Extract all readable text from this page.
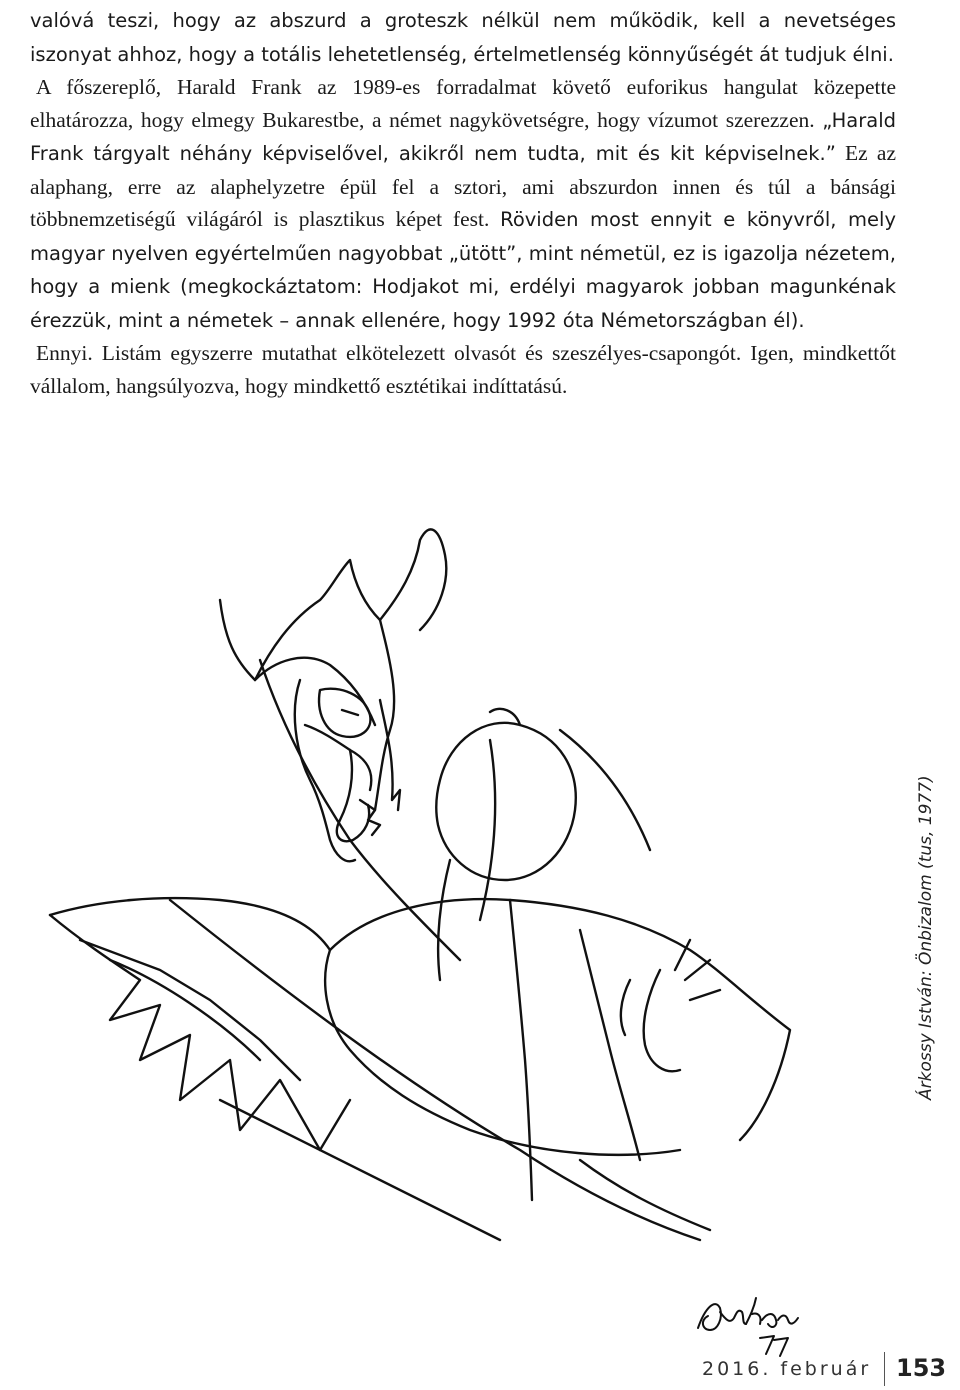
valóvá teszi, hogy az abszurd a groteszk nélkül nem működik, kell a nevetséges iszonyat ahhoz, hogy a totális lehetetlenség, értelmetlenség könnyűségét át tudjuk élni.

A főszereplő, Harald Frank az 1989-es forradalmat követő euforikus hangulat közepette elhatározza, hogy elmegy Bukarestbe, a német nagykövetségre, hogy vízumot szerezzen. „Harald Frank tárgyalt néhány képviselővel, akikről nem tudta, mit és kit képviselnek.” Ez az alaphang, erre az alaphelyzetre épül fel a sztori, ami abszurdon innen és túl a bánsági többnemzetiségű világáról is plasztikus képet fest. Röviden most ennyit e könyvről, mely magyar nyelven egyértelműen nagyobbat „ütött”, mint németül, ez is igazolja nézetem, hogy a mienk (megkockáztatom: Hodjakot mi, erdélyi magyarok jobban magunkénak érezzük, mint a németek – annak ellenére, hogy 1992 óta Németországban él).

Ennyi. Listám egyszerre mutathat elkötelezett olvasót és szeszélyes-csapongót. Igen, mindkettőt vállalom, hangsúlyozva, hogy mindkettő esztétikai indíttatású.

Árkossy István: Önbizalom (tus, 1977)
2016. február 153
